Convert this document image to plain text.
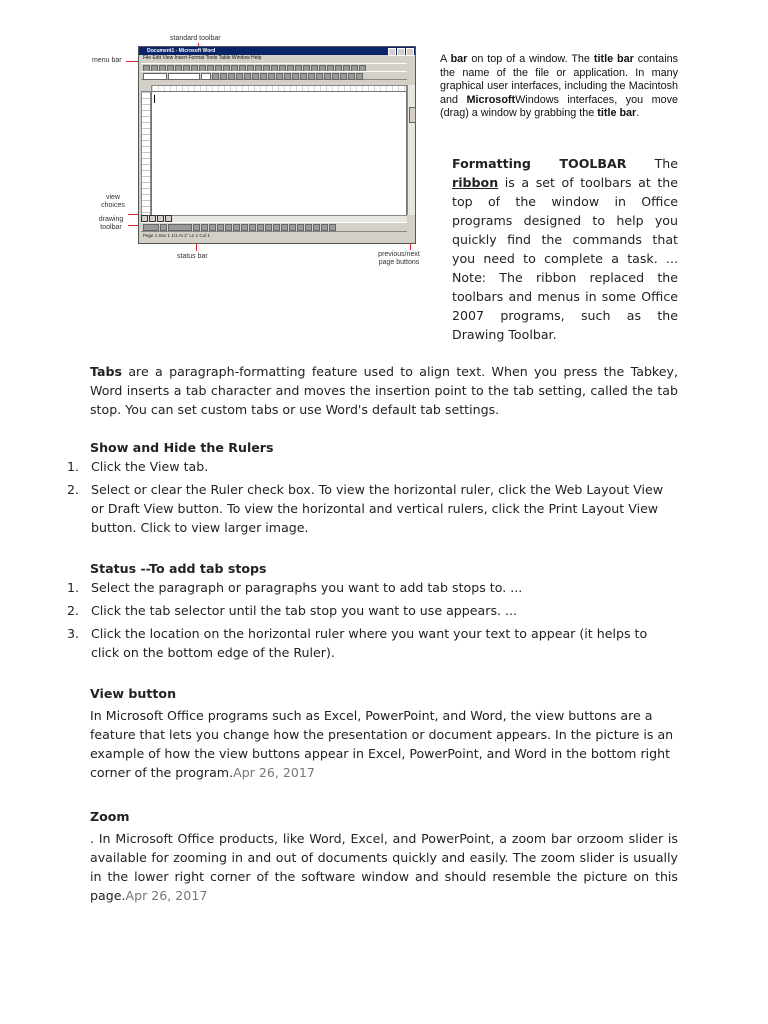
standard toolbar
menu bar
view
choices
drawing
toolbar
status bar	previous/next
page buttons
Document1 - Microsoft Word
File Edit View Insert Format Tools Table Window Help
Page 1 Sec 1 1/1 At 1" Ln 1 Col 1
A bar on top of a window. The title bar contains the name of the file or application. In many graphical user interfaces, including the Macintosh and MicrosoftWindows interfaces, you move (drag) a window by grabbing the title bar.
Formatting TOOLBAR The ribbon is a set of toolbars at the top of the window in Office programs designed to help you quickly find the commands that you need to complete a task. ... Note: The ribbon replaced the toolbars and menus in some Office 2007 programs, such as the Drawing Toolbar.
Tabs are a paragraph-formatting feature used to align text. When you press the Tabkey, Word inserts a tab character and moves the insertion point to the tab setting, called the tab stop. You can set custom tabs or use Word's default tab settings.
Show and Hide the Rulers
1. Click the View tab.
2. Select or clear the Ruler check box. To view the horizontal ruler, click the Web Layout View or Draft View button. To view the horizontal and vertical rulers, click the Print Layout View button. Click to view larger image.
Status --To add tab stops
1. Select the paragraph or paragraphs you want to add tab stops to. ...
2. Click the tab selector until the tab stop you want to use appears. ...
3. Click the location on the horizontal ruler where you want your text to appear (it helps to click on the bottom edge of the Ruler).
View button
In Microsoft Office programs such as Excel, PowerPoint, and Word, the view buttons are a feature that lets you change how the presentation or document appears. In the picture is an example of how the view buttons appear in Excel, PowerPoint, and Word in the bottom right corner of the program.Apr 26, 2017
Zoom
. In Microsoft Office products, like Word, Excel, and PowerPoint, a zoom bar orzoom slider is available for zooming in and out of documents quickly and easily. The zoom slider is usually in the lower right corner of the software window and should resemble the picture on this page.Apr 26, 2017
